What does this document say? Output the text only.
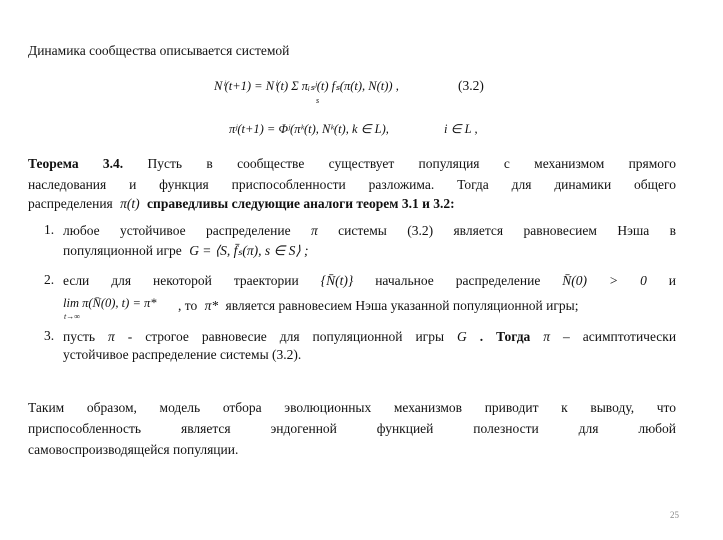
Динамика сообщества описывается системой
Nⁱ(t+1) = Nⁱ(t) Σ πᵢₛʲ(t) fₛ(π(t), N(t)) ,
s
(3.2)
πʲ(t+1) = Φʲ(πᵏ(t), Nᵏ(t), k ∈ L),	i ∈ L ,
Теорема 3.4. Пусть в сообществе существует популяция с механизмом прямого
наследования и функция приспособленности разложима. Тогда для динамики общего
распределения π(t) справедливы следующие аналоги теорем 3.1 и 3.2:
1. любое устойчивое распределение π системы (3.2) является равновесием Нэша в
популяционной игре G = ⟨S, f̄ₛ(π), s ∈ S⟩ ;
2. если для некоторой траектории {N̄(t)} начальное распределение N̄(0) > 0 и
lim π(N̄(0), t) = π*
t→∞
, то π* является равновесием Нэша указанной популяционной игры;
3. пусть π - строгое равновесие для популяционной игры G . Тогда π – асимптотически
устойчивое распределение системы (3.2).
Таким образом, модель отбора эволюционных механизмов приводит к выводу, что
приспособленность является эндогенной функцией полезности для любой
самовоспроизводящейся популяции.
25
